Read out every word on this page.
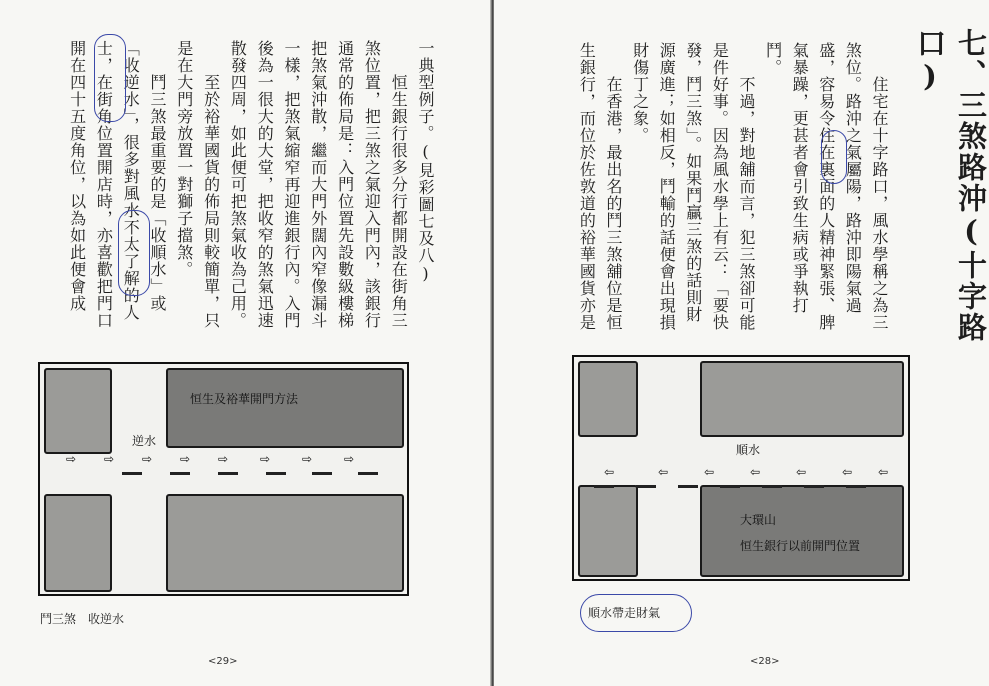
一典型例子。(見彩圖七及八)
　　恒生銀行很多分行都開設在街角三
煞位置，把三煞之氣迎入門內，該銀行
通常的佈局是：入門位置先設數級樓梯
把煞氣沖散，繼而大門外闊內窄像漏斗
一樣，把煞氣縮窄再迎進銀行內。入門
後為一很大的大堂，把收窄的煞氣迅速
散發四周，如此便可把煞氣收為己用。
　　至於裕華國貨的佈局則較簡單，只
是在大門旁放置一對獅子擋煞。
　　鬥三煞最重要的是「收順水」或
「收逆水」，很多對風水不太了解的人
士，在街角位置開店時，亦喜歡把門口
開在四十五度角位，以為如此便會成
恒生及裕華開門方法
逆水
⇨ ⇨ ⇨ ⇨ ⇨	⇨	⇨	⇨
鬥三煞　收逆水
<29>
七、三煞路沖(十字路口)
　　住宅在十字路口，風水學稱之為三
煞位。路沖之氣屬陽，路沖即陽氣過
盛，容易令住在裏面的人精神緊張、脾
氣暴躁，更甚者會引致生病或爭執打
鬥。
　　不過，對地舖而言，犯三煞卻可能
是件好事。因為風水學上有云：「要快
發，鬥三煞」。如果鬥贏三煞的話則財
源廣進；如相反，鬥輸的話便會出現損
財傷丁之象。
　　在香港，最出名的鬥三煞舖位是恒
生銀行，而位於佐敦道的裕華國貨亦是
順水
大環山
恒生銀行以前開門位置
⇦	⇦	⇦	⇦	⇦	⇦ ⇦
順水帶走財氣
<28>
